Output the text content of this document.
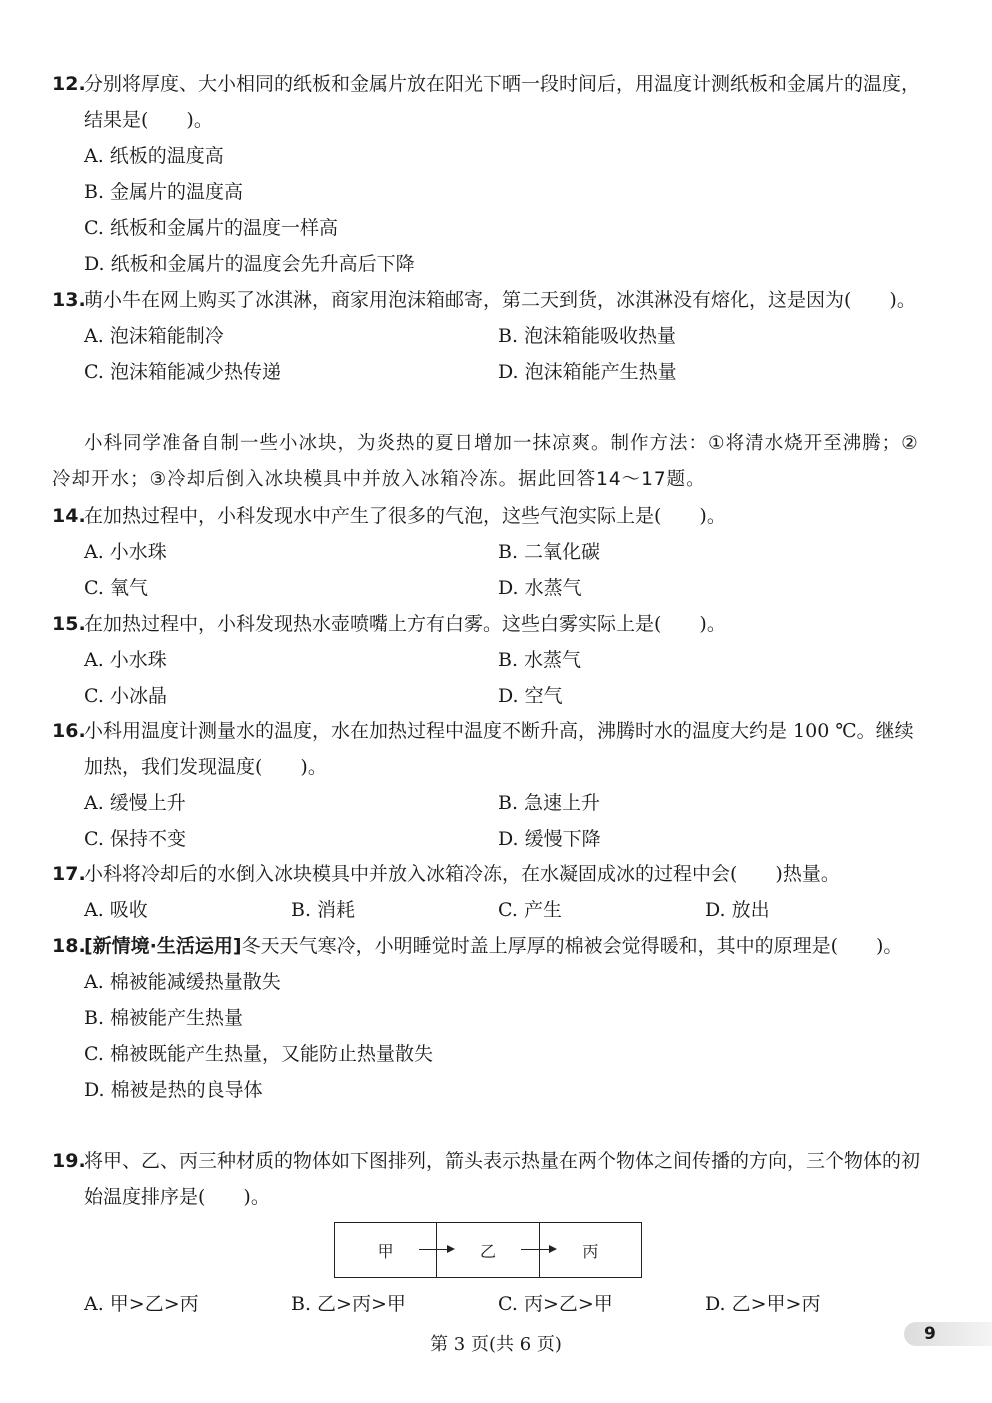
12.
分别将厚度、大小相同的纸板和金属片放在阳光下晒一段时间后，用温度计测纸板和金属片的温度，结果是(　　)。
A. 纸板的温度高
B. 金属片的温度高
C. 纸板和金属片的温度一样高
D. 纸板和金属片的温度会先升高后下降
13.
萌小牛在网上购买了冰淇淋，商家用泡沫箱邮寄，第二天到货，冰淇淋没有熔化，这是因为(　　)。
A. 泡沫箱能制冷	B. 泡沫箱能吸收热量C. 泡沫箱能减少热传递	D. 泡沫箱能产生热量
小科同学准备自制一些小冰块，为炎热的夏日增加一抹凉爽。制作方法：①将清水烧开至沸腾；②冷却开水；③冷却后倒入冰块模具中并放入冰箱冷冻。据此回答14～17题。
14.
在加热过程中，小科发现水中产生了很多的气泡，这些气泡实际上是(　　)。
A. 小水珠	B. 二氧化碳C. 氧气	D. 水蒸气
15.
在加热过程中，小科发现热水壶喷嘴上方有白雾。这些白雾实际上是(　　)。
A. 小水珠	B. 水蒸气C. 小冰晶	D. 空气
16.
小科用温度计测量水的温度，水在加热过程中温度不断升高，沸腾时水的温度大约是 100 ℃。继续加热，我们发现温度(　　)。
A. 缓慢上升	B. 急速上升C. 保持不变	D. 缓慢下降
17.
小科将冷却后的水倒入冰块模具中并放入冰箱冷冻，在水凝固成冰的过程中会(　　)热量。
A. 吸收	B. 消耗	C. 产生	D. 放出
18.
[新情境·生活运用]冬天天气寒冷，小明睡觉时盖上厚厚的棉被会觉得暖和，其中的原理是(　　)。
A. 棉被能减缓热量散失
B. 棉被能产生热量
C. 棉被既能产生热量，又能防止热量散失
D. 棉被是热的良导体
19.
将甲、乙、丙三种材质的物体如下图排列，箭头表示热量在两个物体之间传播的方向，三个物体的初始温度排序是(　　)。
甲	乙	丙
A. 甲>乙>丙	B. 乙>丙>甲	C. 丙>乙>甲	D. 乙>甲>丙
第 3 页(共 6 页)	9
